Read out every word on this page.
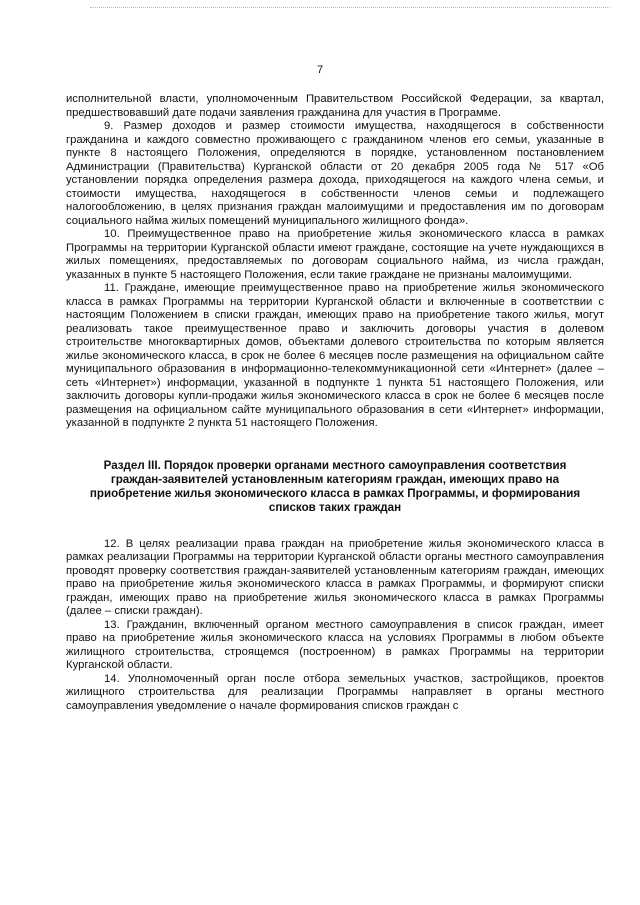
7

исполнительной власти, уполномоченным Правительством Российской Федерации, за квартал, предшествовавший дате подачи заявления гражданина для участия в Программе.

9. Размер доходов и размер стоимости имущества, находящегося в собственности гражданина и каждого совместно проживающего с гражданином членов его семьи, указанные в пункте 8 настоящего Положения, определяются в порядке, установленном постановлением Администрации (Правительства) Курганской области от 20 декабря 2005 года № 517 «Об установлении порядка определения размера дохода, приходящегося на каждого члена семьи, и стоимости имущества, находящегося в собственности членов семьи и подлежащего налогообложению, в целях признания граждан малоимущими и предоставления им по договорам социального найма жилых помещений муниципального жилищного фонда».

10. Преимущественное право на приобретение жилья экономического класса в рамках Программы на территории Курганской области имеют граждане, состоящие на учете нуждающихся в жилых помещениях, предоставляемых по договорам социального найма, из числа граждан, указанных в пункте 5 настоящего Положения, если такие граждане не признаны малоимущими.

11. Граждане, имеющие преимущественное право на приобретение жилья экономического класса в рамках Программы на территории Курганской области и включенные в соответствии с настоящим Положением в списки граждан, имеющих право на приобретение такого жилья, могут реализовать такое преимущественное право и заключить договоры участия в долевом строительстве многоквартирных домов, объектами долевого строительства по которым является жилье экономического класса, в срок не более 6 месяцев после размещения на официальном сайте муниципального образования в информационно-телекоммуникационной сети «Интернет» (далее – сеть «Интернет») информации, указанной в подпункте 1 пункта 51 настоящего Положения, или заключить договоры купли-продажи жилья экономического класса в срок не более 6 месяцев после размещения на официальном сайте муниципального образования в сети «Интернет» информации, указанной в подпункте 2 пункта 51 настоящего Положения.

Раздел III. Порядок проверки органами местного самоуправления соответствия граждан-заявителей установленным категориям граждан, имеющих право на приобретение жилья экономического класса в рамках Программы, и формирования списков таких граждан

12. В целях реализации права граждан на приобретение жилья экономического класса в рамках реализации Программы на территории Курганской области органы местного самоуправления проводят проверку соответствия граждан-заявителей установленным категориям граждан, имеющих право на приобретение жилья экономического класса в рамках Программы, и формируют списки граждан, имеющих право на приобретение жилья экономического класса в рамках Программы (далее – списки граждан).

13. Гражданин, включенный органом местного самоуправления в список граждан, имеет право на приобретение жилья экономического класса на условиях Программы в любом объекте жилищного строительства, строящемся (построенном) в рамках Программы на территории Курганской области.

14. Уполномоченный орган после отбора земельных участков, застройщиков, проектов жилищного строительства для реализации Программы направляет в органы местного самоуправления уведомление о начале формирования списков граждан с
